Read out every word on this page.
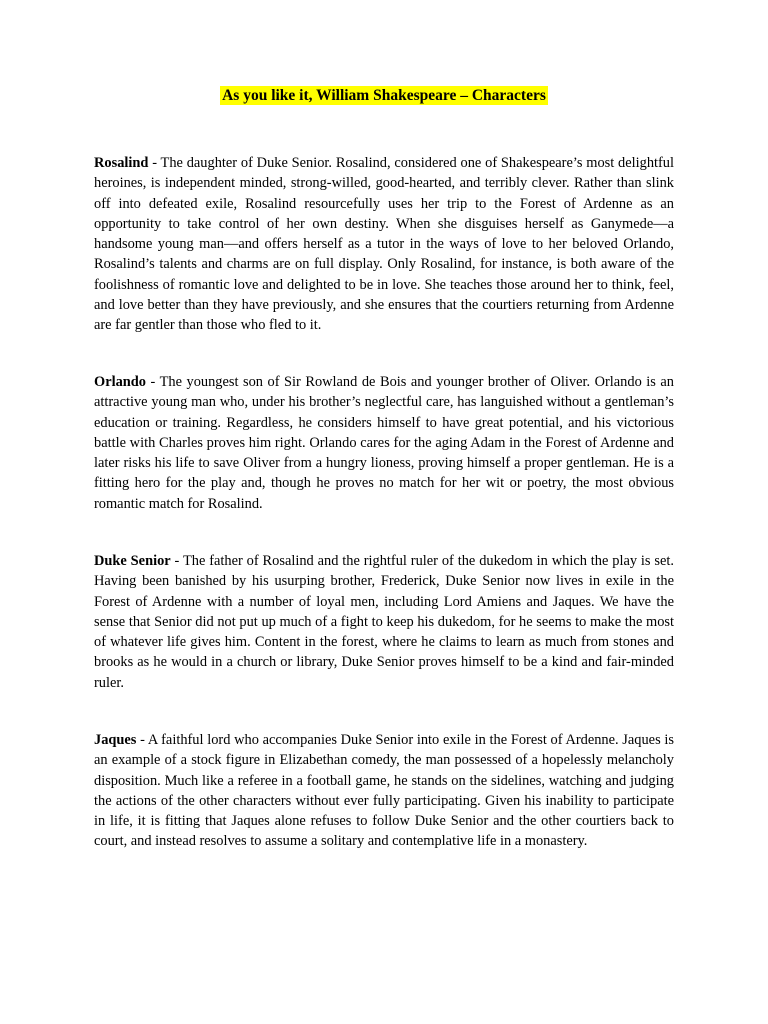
As you like it, William Shakespeare – Characters

Rosalind - The daughter of Duke Senior. Rosalind, considered one of Shakespeare’s most delightful heroines, is independent minded, strong-willed, good-hearted, and terribly clever. Rather than slink off into defeated exile, Rosalind resourcefully uses her trip to the Forest of Ardenne as an opportunity to take control of her own destiny. When she disguises herself as Ganymede—a handsome young man—and offers herself as a tutor in the ways of love to her beloved Orlando, Rosalind’s talents and charms are on full display. Only Rosalind, for instance, is both aware of the foolishness of romantic love and delighted to be in love. She teaches those around her to think, feel, and love better than they have previously, and she ensures that the courtiers returning from Ardenne are far gentler than those who fled to it.

Orlando - The youngest son of Sir Rowland de Bois and younger brother of Oliver. Orlando is an attractive young man who, under his brother’s neglectful care, has languished without a gentleman’s education or training. Regardless, he considers himself to have great potential, and his victorious battle with Charles proves him right. Orlando cares for the aging Adam in the Forest of Ardenne and later risks his life to save Oliver from a hungry lioness, proving himself a proper gentleman. He is a fitting hero for the play and, though he proves no match for her wit or poetry, the most obvious romantic match for Rosalind.

Duke Senior - The father of Rosalind and the rightful ruler of the dukedom in which the play is set. Having been banished by his usurping brother, Frederick, Duke Senior now lives in exile in the Forest of Ardenne with a number of loyal men, including Lord Amiens and Jaques. We have the sense that Senior did not put up much of a fight to keep his dukedom, for he seems to make the most of whatever life gives him. Content in the forest, where he claims to learn as much from stones and brooks as he would in a church or library, Duke Senior proves himself to be a kind and fair-minded ruler.

Jaques - A faithful lord who accompanies Duke Senior into exile in the Forest of Ardenne. Jaques is an example of a stock figure in Elizabethan comedy, the man possessed of a hopelessly melancholy disposition. Much like a referee in a football game, he stands on the sidelines, watching and judging the actions of the other characters without ever fully participating. Given his inability to participate in life, it is fitting that Jaques alone refuses to follow Duke Senior and the other courtiers back to court, and instead resolves to assume a solitary and contemplative life in a monastery.
